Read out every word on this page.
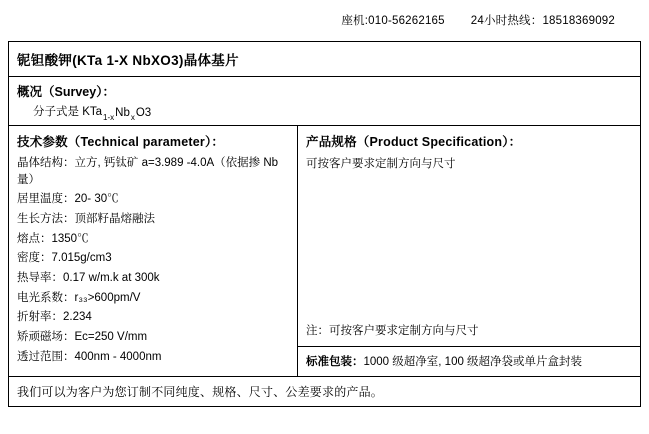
座机:010-56262165 24小时热线：18518369092
铌钽酸钾(KTa 1-X NbXO3)晶体基片
概况（Survey）：
分子式是 KTa 1-x Nb x O3
技术参数（Technical parameter）：
晶体结构：立方, 钙钛矿 a=3.989 -4.0A（依据掺 Nb 量）
居里温度：20- 30℃
生长方法：顶部籽晶熔融法
熔点：1350℃
密度：7.015g/cm3
热导率：0.17 w/m.k at 300k
电光系数：r₃₃>600pm/V
折射率：2.234
矫顽磁场：Ec=250 V/mm
透过范围：400nm - 4000nm
产品规格（Product Specification）：
可按客户要求定制方向与尺寸
注：可按客户要求定制方向与尺寸
标准包装：1000 级超净室, 100 级超净袋或单片盒封装
我们可以为客户为您订制不同纯度、规格、尺寸、公差要求的产品。
